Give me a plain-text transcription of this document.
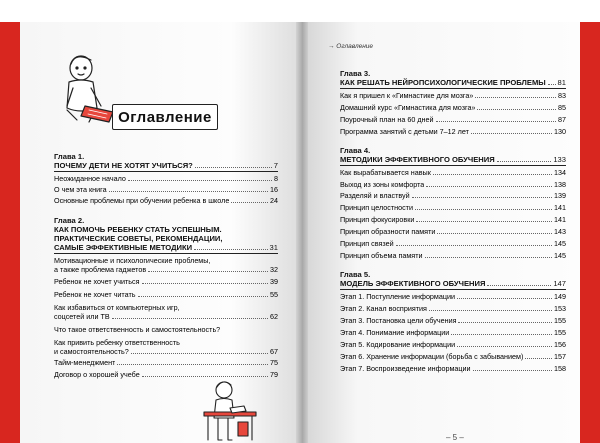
Оглавление
Глава 1.
ПОЧЕМУ ДЕТИ НЕ ХОТЯТ УЧИТЬСЯ?	7
Неожиданное начало	8
О чем эта книга	16
Основные проблемы при обучении ребенка в школе	24
Глава 2.
КАК ПОМОЧЬ РЕБЕНКУ СТАТЬ УСПЕШНЫМ.
ПРАКТИЧЕСКИЕ СОВЕТЫ, РЕКОМЕНДАЦИИ,
САМЫЕ ЭФФЕКТИВНЫЕ МЕТОДИКИ	31
Мотивационные и психологические проблемы,
а также проблема гаджетов	32
Ребенок не хочет учиться	39
Ребенок не хочет читать	55
Как избавиться от компьютерных игр,
соцсетей или ТВ	62
Что такое ответственность и самостоятельность?
Как привить ребенку ответственность
и самостоятельность?	67
Тайм-менеджмент	75
Договор о хорошей учебе	79
→ Оглавление
Глава 3.
КАК РЕШАТЬ НЕЙРОПСИХОЛОГИЧЕСКИЕ ПРОБЛЕМЫ 81
Как я пришел к «Гимнастике для мозга»	83
Домашний курс «Гимнастика для мозга»	85
Поурочный план на 60 дней	87
Программа занятий с детьми 7–12 лет	130
Глава 4.
МЕТОДИКИ ЭФФЕКТИВНОГО ОБУЧЕНИЯ	133
Как вырабатывается навык	134
Выход из зоны комфорта	138
Разделяй и властвуй	139
Принцип целостности	141
Принцип фокусировки	141
Принцип образности памяти	143
Принцип связей	145
Принцип объема памяти	145
Глава 5.
МОДЕЛЬ ЭФФЕКТИВНОГО ОБУЧЕНИЯ	147
Этап 1. Поступление информации	149
Этап 2. Канал восприятия	153
Этап 3. Постановка цели обучения	155
Этап 4. Понимание информации	155
Этап 5. Кодирование информации	156
Этап 6. Хранение информации (борьба с забыванием)	157
Этап 7. Воспроизведение информации	158
– 5 –
